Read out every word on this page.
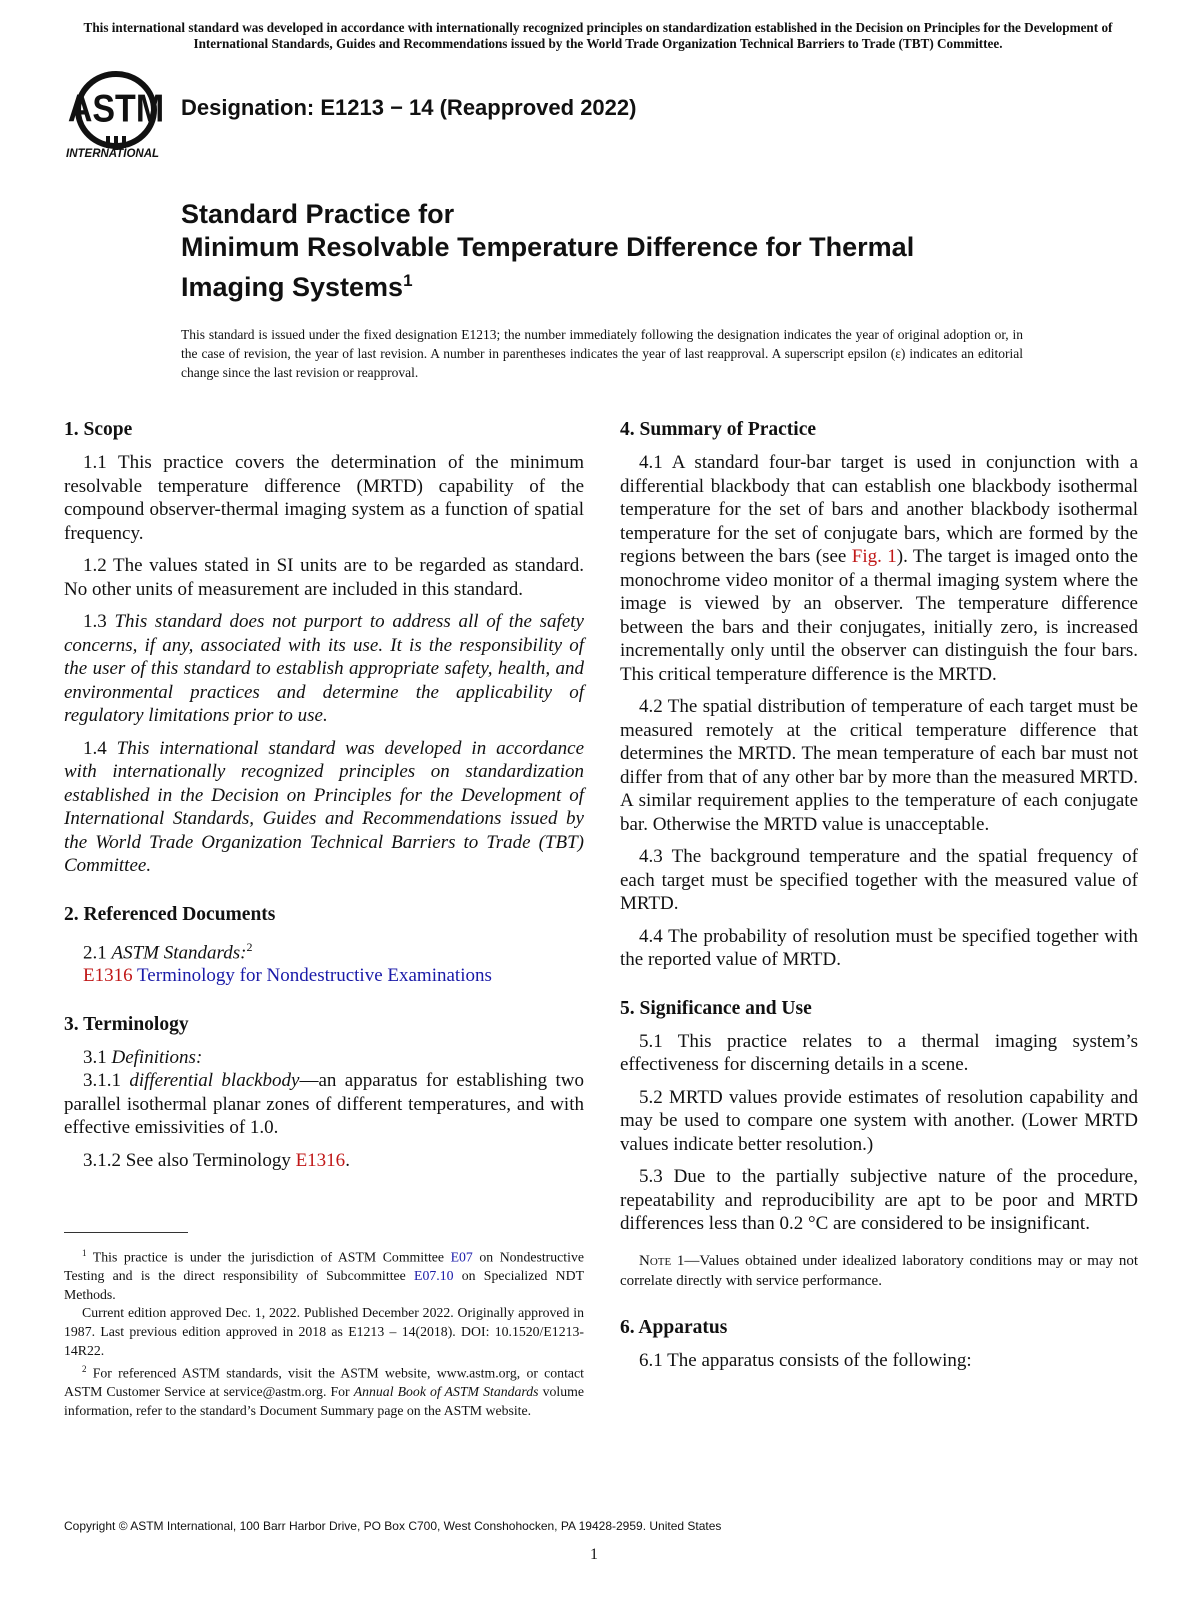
This international standard was developed in accordance with internationally recognized principles on standardization established in the Decision on Principles for the Development of International Standards, Guides and Recommendations issued by the World Trade Organization Technical Barriers to Trade (TBT) Committee.
ASTM
INTERNATIONAL
Designation: E1213 − 14 (Reapproved 2022)
Standard Practice for
Minimum Resolvable Temperature Difference for Thermal
Imaging Systems$^1$
This standard is issued under the fixed designation E1213; the number immediately following the designation indicates the year of original adoption or, in the case of revision, the year of last revision. A number in parentheses indicates the year of last reapproval. A superscript epsilon (ε) indicates an editorial change since the last revision or reapproval.
1. Scope

1.1 This practice covers the determination of the minimum resolvable temperature difference (MRTD) capability of the compound observer-thermal imaging system as a function of spatial frequency.

1.2 The values stated in SI units are to be regarded as standard. No other units of measurement are included in this standard.

1.3 This standard does not purport to address all of the safety concerns, if any, associated with its use. It is the responsibility of the user of this standard to establish appropriate safety, health, and environmental practices and determine the applicability of regulatory limitations prior to use.

1.4 This international standard was developed in accordance with internationally recognized principles on standardization established in the Decision on Principles for the Development of International Standards, Guides and Recommendations issued by the World Trade Organization Technical Barriers to Trade (TBT) Committee.

2. Referenced Documents

2.1 ASTM Standards:$^2$

E1316 Terminology for Nondestructive Examinations

3. Terminology

3.1 Definitions:

3.1.1 differential blackbody—an apparatus for establishing two parallel isothermal planar zones of different temperatures, and with effective emissivities of 1.0.

3.1.2 See also Terminology E1316.

$^1$ This practice is under the jurisdiction of ASTM Committee E07 on Nondestructive Testing and is the direct responsibility of Subcommittee E07.10 on Specialized NDT Methods.

Current edition approved Dec. 1, 2022. Published December 2022. Originally approved in 1987. Last previous edition approved in 2018 as E1213 – 14(2018). DOI: 10.1520/E1213-14R22.

$^2$ For referenced ASTM standards, visit the ASTM website, www.astm.org, or contact ASTM Customer Service at service@astm.org. For Annual Book of ASTM Standards volume information, refer to the standard’s Document Summary page on the ASTM website.

4. Summary of Practice

4.1 A standard four-bar target is used in conjunction with a differential blackbody that can establish one blackbody isothermal temperature for the set of bars and another blackbody isothermal temperature for the set of conjugate bars, which are formed by the regions between the bars (see Fig. 1). The target is imaged onto the monochrome video monitor of a thermal imaging system where the image is viewed by an observer. The temperature difference between the bars and their conjugates, initially zero, is increased incrementally only until the observer can distinguish the four bars. This critical temperature difference is the MRTD.

4.2 The spatial distribution of temperature of each target must be measured remotely at the critical temperature difference that determines the MRTD. The mean temperature of each bar must not differ from that of any other bar by more than the measured MRTD. A similar requirement applies to the temperature of each conjugate bar. Otherwise the MRTD value is unacceptable.

4.3 The background temperature and the spatial frequency of each target must be specified together with the measured value of MRTD.

4.4 The probability of resolution must be specified together with the reported value of MRTD.

5. Significance and Use

5.1 This practice relates to a thermal imaging system’s effectiveness for discerning details in a scene.

5.2 MRTD values provide estimates of resolution capability and may be used to compare one system with another. (Lower MRTD values indicate better resolution.)

5.3 Due to the partially subjective nature of the procedure, repeatability and reproducibility are apt to be poor and MRTD differences less than 0.2 °C are considered to be insignificant.

Note 1—Values obtained under idealized laboratory conditions may or may not correlate directly with service performance.

6. Apparatus

6.1 The apparatus consists of the following:

Copyright © ASTM International, 100 Barr Harbor Drive, PO Box C700, West Conshohocken, PA 19428-2959. United States
1
